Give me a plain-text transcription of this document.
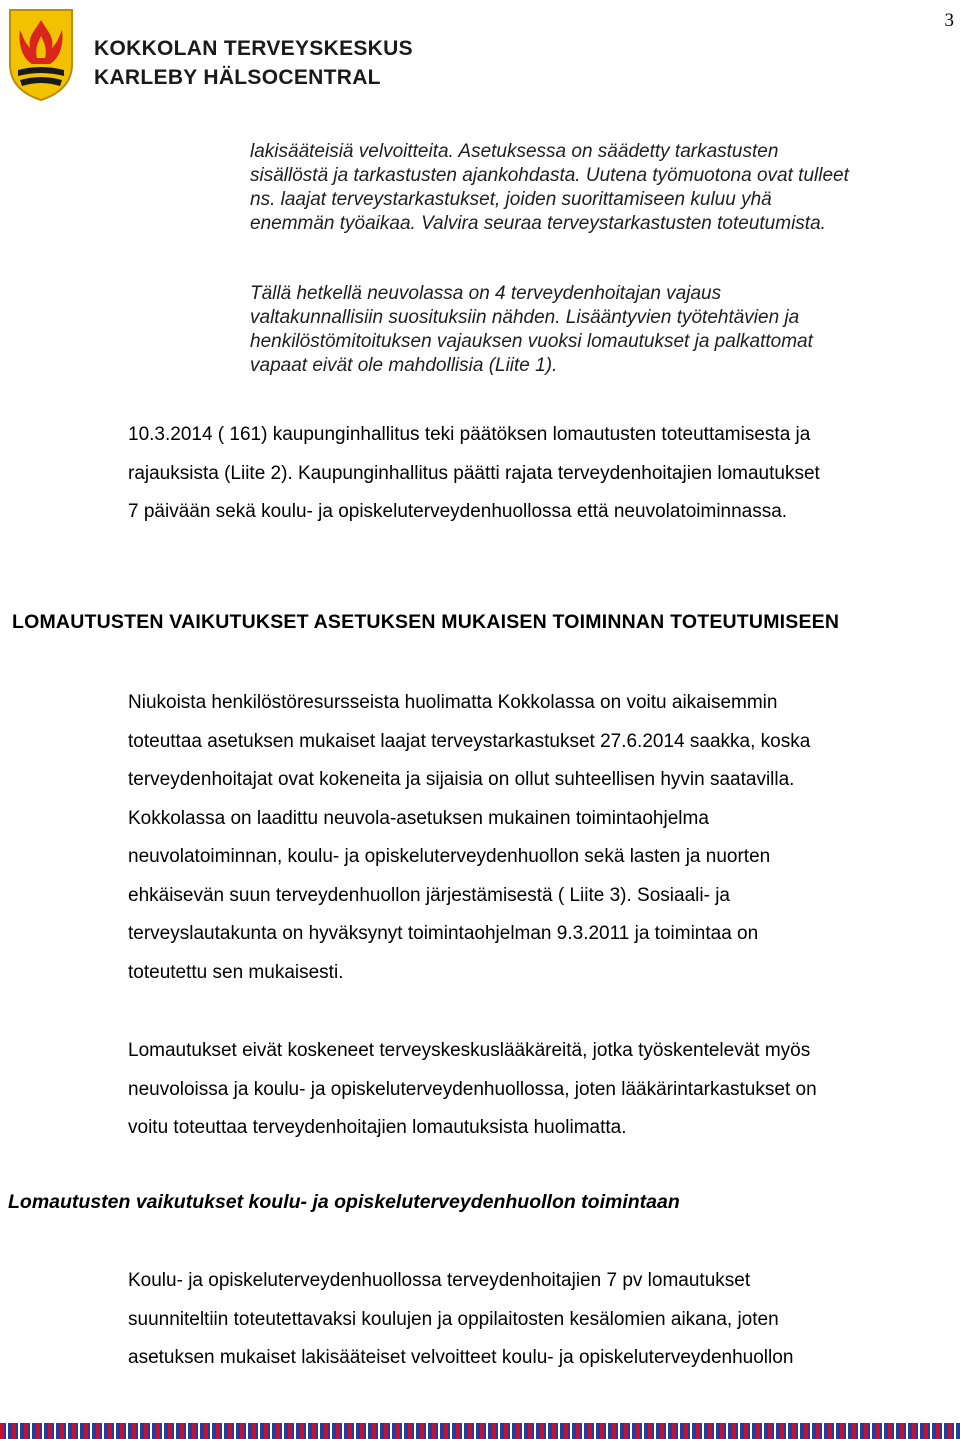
3
KOKKOLAN TERVEYSKESKUS
KARLEBY HÄLSOCENTRAL

lakisääteisiä velvoitteita. Asetuksessa on säädetty tarkastusten
sisällöstä ja tarkastusten ajankohdasta. Uutena työmuotona ovat tulleet
ns. laajat terveystarkastukset, joiden suorittamiseen kuluu yhä
enemmän työaikaa. Valvira seuraa terveystarkastusten toteutumista.

Tällä hetkellä neuvolassa on 4 terveydenhoitajan vajaus
valtakunnallisiin suosituksiin nähden. Lisääntyvien työtehtävien ja
henkilöstömitoituksen vajauksen vuoksi lomautukset ja palkattomat
vapaat eivät ole mahdollisia (Liite 1).

10.3.2014 ( 161) kaupunginhallitus teki päätöksen lomautusten toteuttamisesta ja
rajauksista (Liite 2). Kaupunginhallitus päätti rajata terveydenhoitajien lomautukset
7 päivään sekä koulu- ja opiskeluterveydenhuollossa että neuvolatoiminnassa.

LOMAUTUSTEN VAIKUTUKSET ASETUKSEN MUKAISEN TOIMINNAN TOTEUTUMISEEN

Niukoista henkilöstöresursseista huolimatta Kokkolassa on voitu aikaisemmin
toteuttaa asetuksen mukaiset laajat terveystarkastukset 27.6.2014 saakka, koska
terveydenhoitajat ovat kokeneita ja sijaisia on ollut suhteellisen hyvin saatavilla.
Kokkolassa on laadittu neuvola-asetuksen mukainen toimintaohjelma
neuvolatoiminnan, koulu- ja opiskeluterveydenhuollon sekä lasten ja nuorten
ehkäisevän suun terveydenhuollon järjestämisestä ( Liite 3). Sosiaali- ja
terveyslautakunta on hyväksynyt toimintaohjelman 9.3.2011 ja toimintaa on
toteutettu sen mukaisesti.

Lomautukset eivät koskeneet terveyskeskuslääkäreitä, jotka työskentelevät myös
neuvoloissa ja koulu- ja opiskeluterveydenhuollossa, joten lääkärintarkastukset on
voitu toteuttaa terveydenhoitajien lomautuksista huolimatta.

Lomautusten vaikutukset koulu- ja opiskeluterveydenhuollon toimintaan

Koulu- ja opiskeluterveydenhuollossa terveydenhoitajien 7 pv lomautukset
suunniteltiin toteutettavaksi koulujen ja oppilaitosten kesälomien aikana, joten
asetuksen mukaiset lakisääteiset velvoitteet koulu- ja opiskeluterveydenhuollon
